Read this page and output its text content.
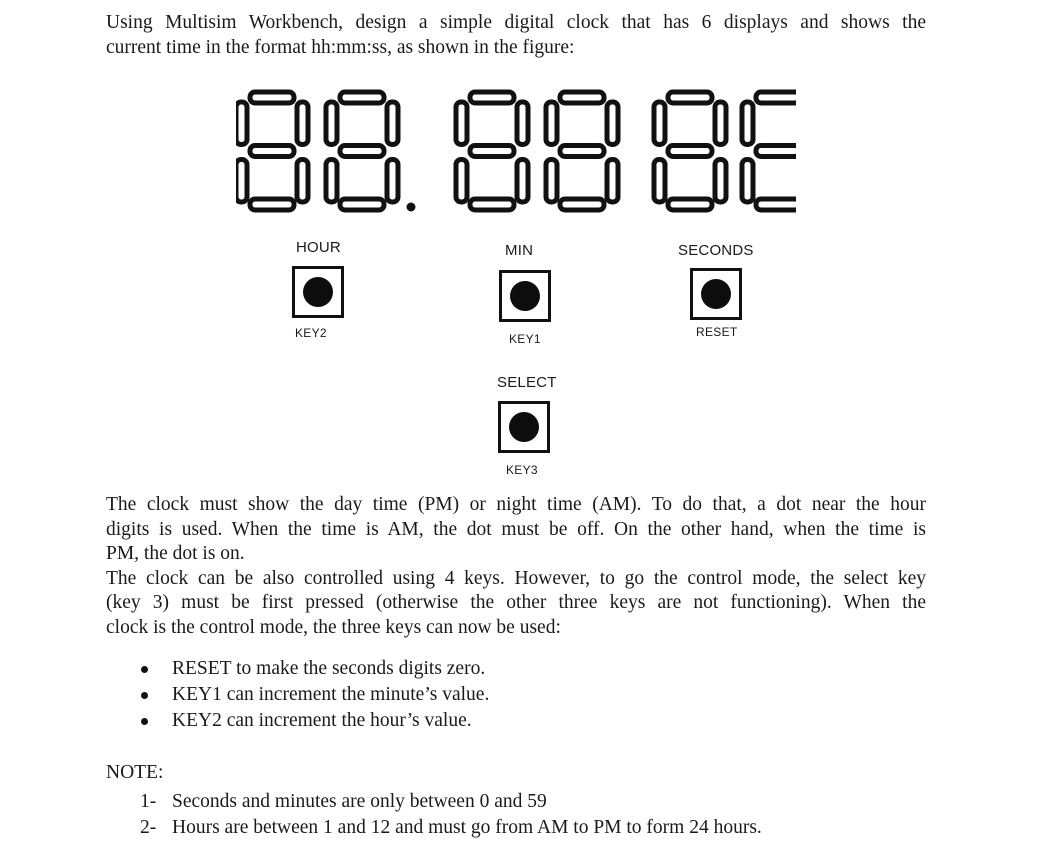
Using Multisim Workbench, design a simple digital clock that has 6 displays and shows the
current time in the format hh:mm:ss, as shown in the figure:
HOUR
KEY2
MIN
KEY1
SECONDS
RESET
SELECT
KEY3
The clock must show the day time (PM) or night time (AM). To do that, a dot near the hour
digits is used. When the time is AM, the dot must be off. On the other hand, when the time is
PM, the dot is on.
The clock can be also controlled using 4 keys. However, to go the control mode, the select key
(key 3) must be first pressed (otherwise the other three keys are not functioning). When the
clock is the control mode, the three keys can now be used:
RESET to make the seconds digits zero.
KEY1 can increment the minute’s value.
KEY2 can increment the hour’s value.
NOTE:
1- Seconds and minutes are only between 0 and 59
2- Hours are between 1 and 12 and must go from AM to PM to form 24 hours.
